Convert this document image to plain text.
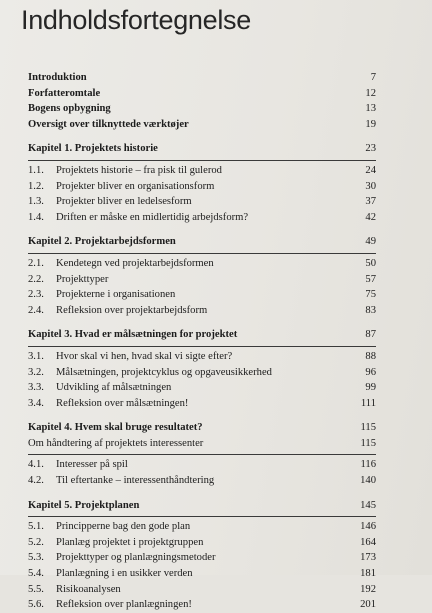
Indholdsfortegnelse
Introduktion	7
Forfatteromtale	12
Bogens opbygning	13
Oversigt over tilknyttede værktøjer	19
Kapitel 1. Projektets historie	23
1.1.	Projektets historie – fra pisk til gulerod	24
1.2.	Projekter bliver en organisationsform	30
1.3.	Projekter bliver en ledelsesform	37
1.4.	Driften er måske en midlertidig arbejdsform?	42
Kapitel 2. Projektarbejdsformen	49
2.1.	Kendetegn ved projektarbejdsformen	50
2.2.	Projekttyper	57
2.3.	Projekterne i organisationen	75
2.4.	Refleksion over projektarbejdsform	83
Kapitel 3. Hvad er målsætningen for projektet	87
3.1.	Hvor skal vi hen, hvad skal vi sigte efter?	88
3.2.	Målsætningen, projektcyklus og opgaveusikkerhed	96
3.3.	Udvikling af målsætningen	99
3.4.	Refleksion over målsætningen!	111
Kapitel 4. Hvem skal bruge resultatet?	115
Om håndtering af projektets interessenter	115
4.1.	Interesser på spil	116
4.2.	Til eftertanke – interessenthåndtering	140
Kapitel 5. Projektplanen	145
5.1.	Principperne bag den gode plan	146
5.2.	Planlæg projektet i projektgruppen	164
5.3.	Projekttyper og planlægningsmetoder	173
5.4.	Planlægning i en usikker verden	181
5.5.	Risikoanalysen	192
5.6.	Refleksion over planlægningen!	201
